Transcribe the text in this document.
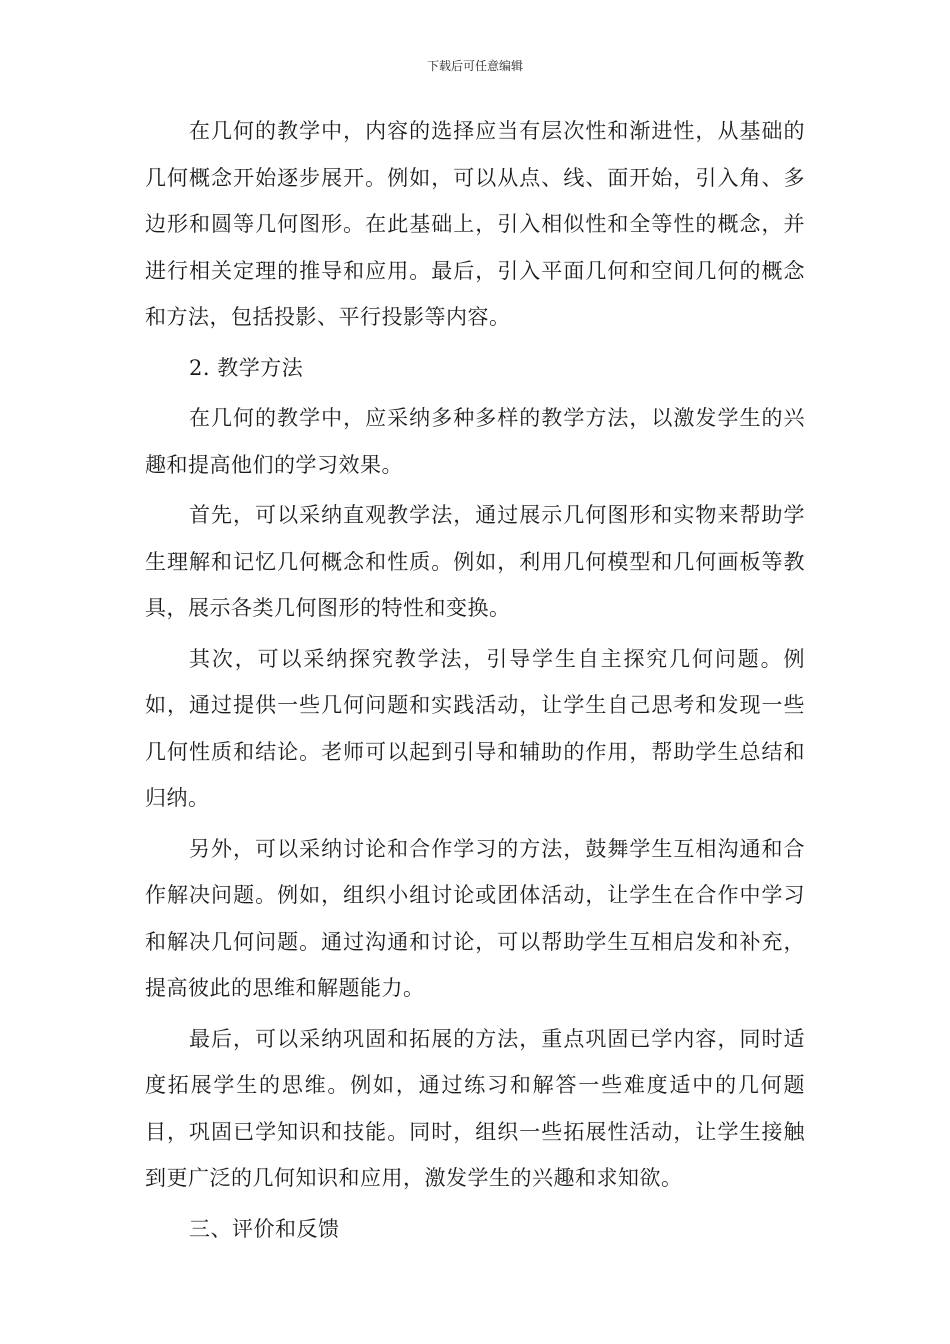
下载后可任意编辑

在几何的教学中，内容的选择应当有层次性和渐进性，从基础的几何概念开始逐步展开。例如，可以从点、线、面开始，引入角、多边形和圆等几何图形。在此基础上，引入相似性和全等性的概念，并进行相关定理的推导和应用。最后，引入平面几何和空间几何的概念和方法，包括投影、平行投影等内容。

2. 教学方法

在几何的教学中，应采纳多种多样的教学方法，以激发学生的兴趣和提高他们的学习效果。

首先，可以采纳直观教学法，通过展示几何图形和实物来帮助学生理解和记忆几何概念和性质。例如，利用几何模型和几何画板等教具，展示各类几何图形的特性和变换。

其次，可以采纳探究教学法，引导学生自主探究几何问题。例如，通过提供一些几何问题和实践活动，让学生自己思考和发现一些几何性质和结论。老师可以起到引导和辅助的作用，帮助学生总结和归纳。

另外，可以采纳讨论和合作学习的方法，鼓舞学生互相沟通和合作解决问题。例如，组织小组讨论或团体活动，让学生在合作中学习和解决几何问题。通过沟通和讨论，可以帮助学生互相启发和补充，提高彼此的思维和解题能力。

最后，可以采纳巩固和拓展的方法，重点巩固已学内容，同时适度拓展学生的思维。例如，通过练习和解答一些难度适中的几何题目，巩固已学知识和技能。同时，组织一些拓展性活动，让学生接触到更广泛的几何知识和应用，激发学生的兴趣和求知欲。

三、评价和反馈
